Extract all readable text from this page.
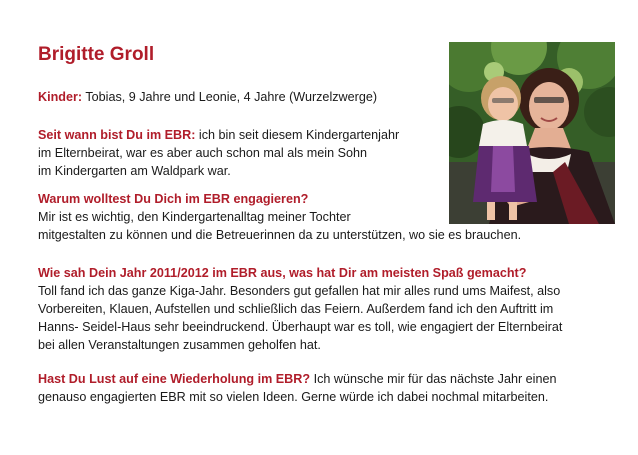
Brigitte Groll
Kinder: Tobias, 9 Jahre und Leonie, 4 Jahre (Wurzelzwerge)
Seit wann bist Du im EBR: ich bin seit diesem Kindergartenjahr
im Elternbeirat, war es aber auch schon mal als mein Sohn
im Kindergarten am Waldpark war.
Warum wolltest Du Dich im EBR engagieren?
Mir ist es wichtig, den Kindergartenalltag meiner Tochter
mitgestalten zu können und die Betreuerinnen da zu unterstützen, wo sie es brauchen.
Wie sah Dein Jahr 2011/2012 im EBR aus, was hat Dir am meisten Spaß gemacht?
Toll fand ich das ganze Kiga-Jahr. Besonders gut gefallen hat mir alles rund ums Maifest, also
Vorbereiten, Klauen, Aufstellen und schließlich das Feiern. Außerdem fand ich den Auftritt im
Hanns- Seidel-Haus sehr beeindruckend. Überhaupt war es toll, wie engagiert der Elternbeirat
bei allen Veranstaltungen zusammen geholfen hat.
Hast Du Lust auf eine Wiederholung im EBR? Ich wünsche mir für das nächste Jahr einen
genauso engagierten EBR mit so vielen Ideen. Gerne würde ich dabei nochmal mitarbeiten.
